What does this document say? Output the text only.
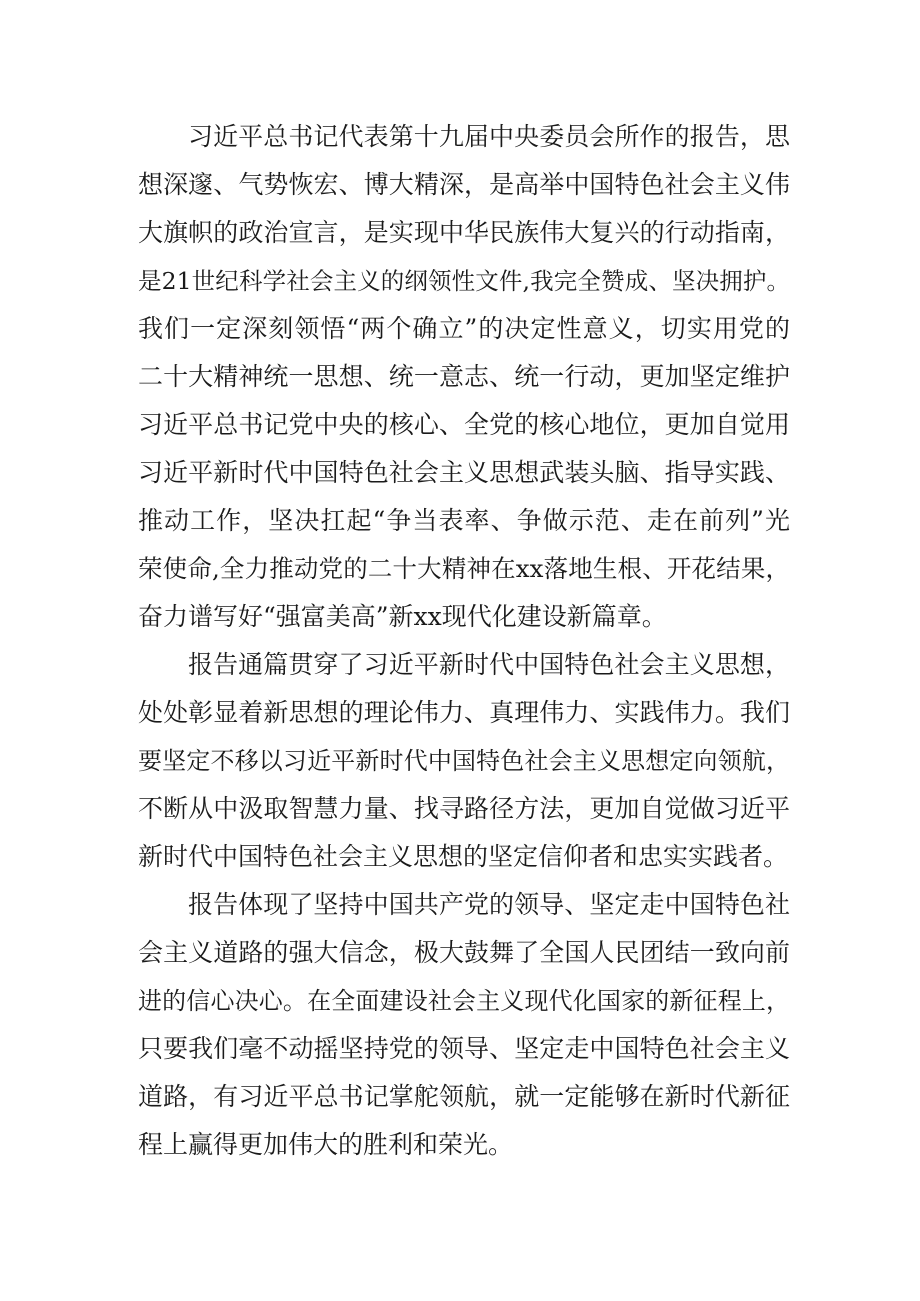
习近平总书记代表第十九届中央委员会所作的报告，思
想深邃、气势恢宏、博大精深，是高举中国特色社会主义伟
大旗帜的政治宣言，是实现中华民族伟大复兴的行动指南，
是21世纪科学社会主义的纲领性文件,我完全赞成、坚决拥护。
我们一定深刻领悟“两个确立”的决定性意义，切实用党的
二十大精神统一思想、统一意志、统一行动，更加坚定维护
习近平总书记党中央的核心、全党的核心地位，更加自觉用
习近平新时代中国特色社会主义思想武装头脑、指导实践、
推动工作，坚决扛起“争当表率、争做示范、走在前列”光
荣使命,全力推动党的二十大精神在xx落地生根、开花结果，
奋力谱写好“强富美高”新xx现代化建设新篇章。
报告通篇贯穿了习近平新时代中国特色社会主义思想，
处处彰显着新思想的理论伟力、真理伟力、实践伟力。我们
要坚定不移以习近平新时代中国特色社会主义思想定向领航，
不断从中汲取智慧力量、找寻路径方法，更加自觉做习近平
新时代中国特色社会主义思想的坚定信仰者和忠实实践者。
报告体现了坚持中国共产党的领导、坚定走中国特色社
会主义道路的强大信念，极大鼓舞了全国人民团结一致向前
进的信心决心。在全面建设社会主义现代化国家的新征程上，
只要我们毫不动摇坚持党的领导、坚定走中国特色社会主义
道路，有习近平总书记掌舵领航，就一定能够在新时代新征
程上赢得更加伟大的胜利和荣光。
